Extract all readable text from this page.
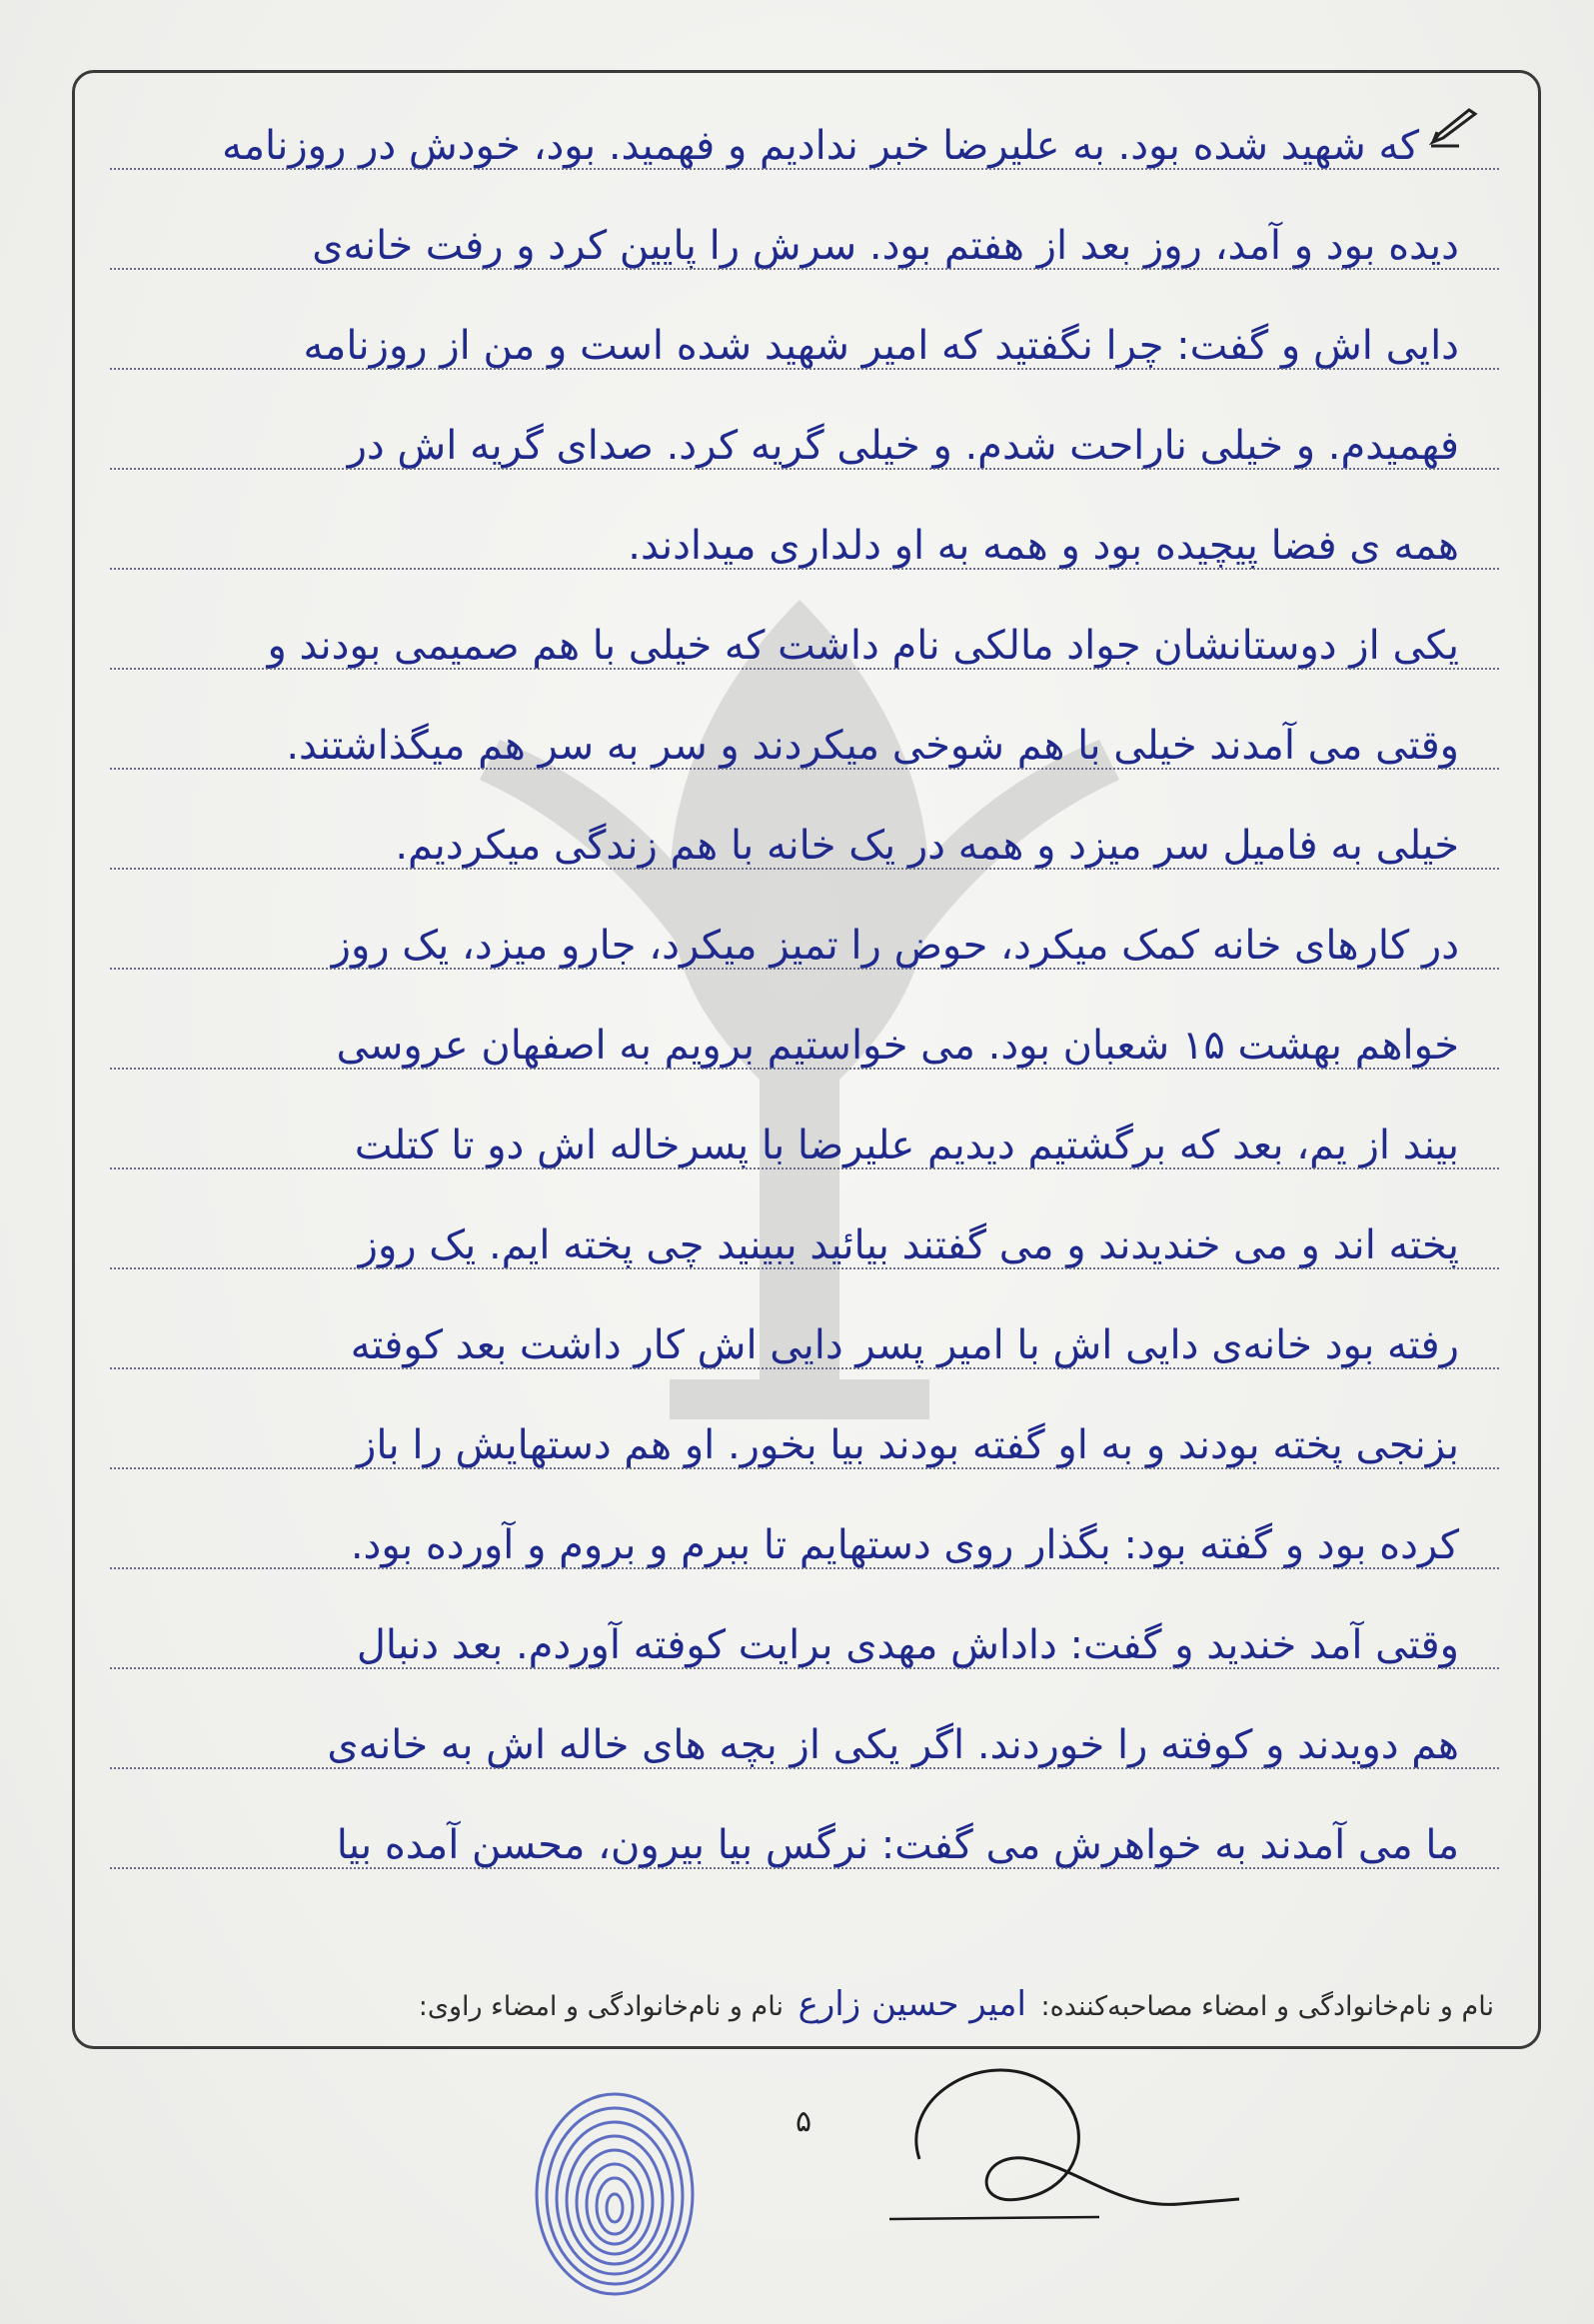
که شهید شده بود. به علیرضا خبر ندادیم و فهمید. بود، خودش در روزنامه
دیده بود و آمد، روز بعد از هفتم بود. سرش را پایین کرد و رفت خانه‌ی
دایی اش و گفت: چرا نگفتید که امیر شهید شده است و من از روزنامه
فهمیدم. و خیلی ناراحت شدم. و خیلی گریه کرد. صدای گریه اش در
همه ی فضا پیچیده بود و همه به او دلداری میدادند.
یکی از دوستانشان جواد مالکی نام داشت که خیلی با هم صمیمی بودند و
وقتی می آمدند خیلی با هم شوخی میکردند و سر به سر هم میگذاشتند.
خیلی به فامیل سر میزد و همه در یک خانه با هم زندگی میکردیم.
در کارهای خانه کمک میکرد، حوض را تمیز میکرد، جارو میزد، یک روز
خواهم بهشت ۱۵ شعبان بود. می خواستیم برویم به اصفهان عروسی
بیند از یم، بعد که برگشتیم دیدیم علیرضا با پسرخاله اش دو تا کتلت
پخته اند و می خندیدند و می گفتند بیائید ببینید چی پخته ایم. یک روز
رفته بود خانه‌ی دایی اش با امیر پسر دایی اش کار داشت بعد کوفته
بزنجی پخته بودند و به او گفته بودند بیا بخور. او هم دستهایش را باز
کرده بود و گفته بود: بگذار روی دستهایم تا ببرم و بروم و آورده بود.
وقتی آمد خندید و گفت: داداش مهدی برایت کوفته آوردم. بعد دنبال
هم دویدند و کوفته را خوردند. اگر یکی از بچه های خاله اش به خانه‌ی
ما می آمدند به خواهرش می گفت: نرگس بیا بیرون، محسن آمده بیا
نام و نام‌خانوادگی و امضاء مصاحبه‌کننده: امیر حسین زارع نام و نام‌خانوادگی و امضاء راوی:
۵
